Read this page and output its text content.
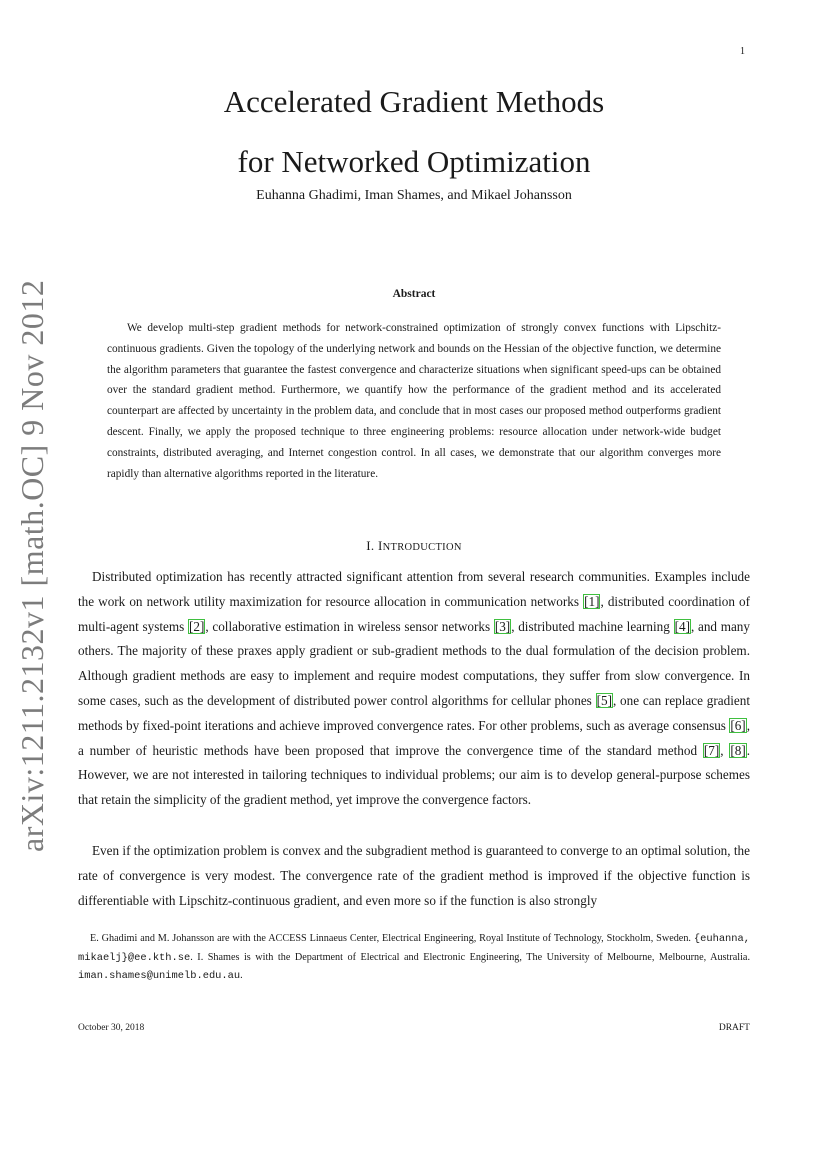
1
arXiv:1211.2132v1 [math.OC] 9 Nov 2012
Accelerated Gradient Methods
for Networked Optimization
Euhanna Ghadimi, Iman Shames, and Mikael Johansson
Abstract

We develop multi-step gradient methods for network-constrained optimization of strongly convex functions with Lipschitz-continuous gradients. Given the topology of the underlying network and bounds on the Hessian of the objective function, we determine the algorithm parameters that guarantee the fastest convergence and characterize situations when significant speed-ups can be obtained over the standard gradient method. Furthermore, we quantify how the performance of the gradient method and its accelerated counterpart are affected by uncertainty in the problem data, and conclude that in most cases our proposed method outperforms gradient descent. Finally, we apply the proposed technique to three engineering problems: resource allocation under network-wide budget constraints, distributed averaging, and Internet congestion control. In all cases, we demonstrate that our algorithm converges more rapidly than alternative algorithms reported in the literature.

I. INTRODUCTION

Distributed optimization has recently attracted significant attention from several research communities. Examples include the work on network utility maximization for resource allocation in communication networks [1], distributed coordination of multi-agent systems [2], collaborative estimation in wireless sensor networks [3], distributed machine learning [4], and many others. The majority of these praxes apply gradient or sub-gradient methods to the dual formulation of the decision problem. Although gradient methods are easy to implement and require modest computations, they suffer from slow convergence. In some cases, such as the development of distributed power control algorithms for cellular phones [5], one can replace gradient methods by fixed-point iterations and achieve improved convergence rates. For other problems, such as average consensus [6], a number of heuristic methods have been proposed that improve the convergence time of the standard method [7], [8]. However, we are not interested in tailoring techniques to individual problems; our aim is to develop general-purpose schemes that retain the simplicity of the gradient method, yet improve the convergence factors.

Even if the optimization problem is convex and the subgradient method is guaranteed to converge to an optimal solution, the rate of convergence is very modest. The convergence rate of the gradient method is improved if the objective function is differentiable with Lipschitz-continuous gradient, and even more so if the function is also strongly

E. Ghadimi and M. Johansson are with the ACCESS Linnaeus Center, Electrical Engineering, Royal Institute of Technology, Stockholm, Sweden. {euhanna, mikaelj}@ee.kth.se. I. Shames is with the Department of Electrical and Electronic Engineering, The University of Melbourne, Melbourne, Australia. iman.shames@unimelb.edu.au.

October 30, 2018	DRAFT
